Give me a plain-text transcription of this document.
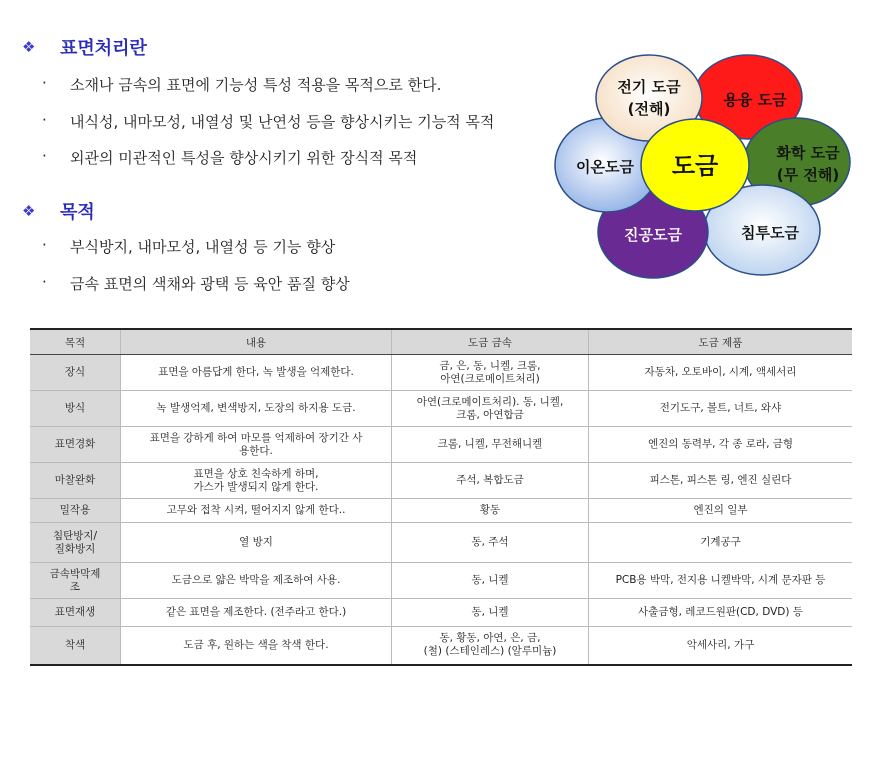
❖	표면처리란
·	소재나 금속의 표면에 기능성 특성 적용을 목적으로 한다.
·	내식성, 내마모성, 내열성 및 난연성 등을 향상시키는 기능적 목적
·	외관의 미관적인 특성을 향상시키기 위한 장식적 목적
❖	목적
·	부식방지, 내마모성, 내열성 등 기능 향상
·	금속 표면의 색채와 광택 등 육안 품질 향상
전기 도금
(전해)	용융 도금
화학 도금
(무 전해)
침투도금
진공도금
이온도금 도금
목적	내용	도금 금속	도금 제품

장식	표면을 아름답게 한다, 녹 발생을 억제한다.	금, 은, 동, 니켈, 크롬,
아연(크로메이트처리)	자동차, 오토바이, 시계, 액세서리

방식	녹 발생억제, 변색방지, 도장의 하지용 도금.	아연(크로메이트처리). 동, 니켈,
크롬, 아연합금	전기도구, 볼트, 너트, 와샤

표면경화	표면을 강하게 하여 마모를 억제하여 장기간 사
용한다.	크롬, 니켈, 무전해니켈	엔진의 동력부, 각 종 로라, 금형

마찰완화	표면을 상호 친숙하게 하며,
가스가 발생되지 않게 한다.	주석, 복합도금	피스톤, 피스톤 링, 엔진 실린다

밀작용	고무와 접착 시켜, 떨어지지 않게 한다..	황동	엔진의 일부

침탄방지/
질화방지	열 방지	동, 주석	기계공구

금속박막제
조	도금으로 얇은 박막을 제조하여 사용.	동, 니켈	PCB용 박막, 전지용 니켈박막, 시계 문자판 등

표면재생	같은 표면을 제조한다. (전주라고 한다.)	동, 니켈	사출금형, 레코드원판(CD, DVD) 등

착색	도금 후, 원하는 색을 착색 한다.	동, 황동, 아연, 은, 금,
(철) (스테인레스) (알루미늄)	악세사리, 가구
